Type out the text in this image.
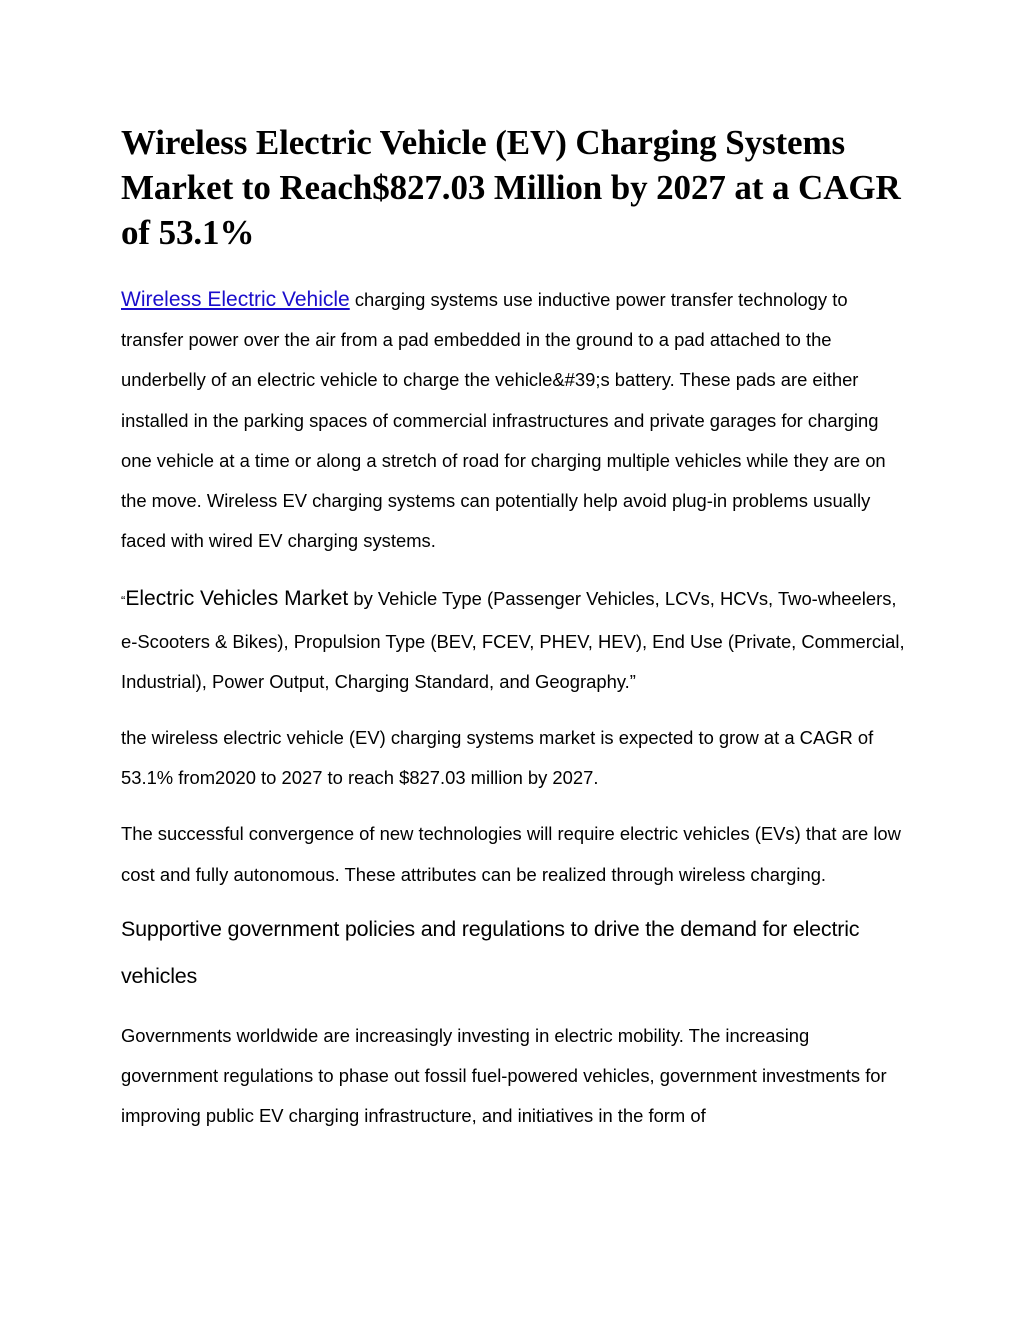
Wireless Electric Vehicle (EV) Charging Systems Market to Reach$827.03 Million by 2027 at a CAGR of 53.1%

Wireless Electric Vehicle charging systems use inductive power transfer technology to transfer power over the air from a pad embedded in the ground to a pad attached to the underbelly of an electric vehicle to charge the vehicle&#39;s battery. These pads are either installed in the parking spaces of commercial infrastructures and private garages for charging one vehicle at a time or along a stretch of road for charging multiple vehicles while they are on the move. Wireless EV charging systems can potentially help avoid plug-in problems usually faced with wired EV charging systems.

“Electric Vehicles Market by Vehicle Type (Passenger Vehicles, LCVs, HCVs, Two-wheelers, e-Scooters & Bikes), Propulsion Type (BEV, FCEV, PHEV, HEV), End Use (Private, Commercial, Industrial), Power Output, Charging Standard, and Geography.”

the wireless electric vehicle (EV) charging systems market is expected to grow at a CAGR of 53.1% from2020 to 2027 to reach $827.03 million by 2027.

The successful convergence of new technologies will require electric vehicles (EVs) that are low cost and fully autonomous. These attributes can be realized through wireless charging.

Supportive government policies and regulations to drive the demand for electric vehicles

Governments worldwide are increasingly investing in electric mobility. The increasing government regulations to phase out fossil fuel-powered vehicles, government investments for improving public EV charging infrastructure, and initiatives in the form of
